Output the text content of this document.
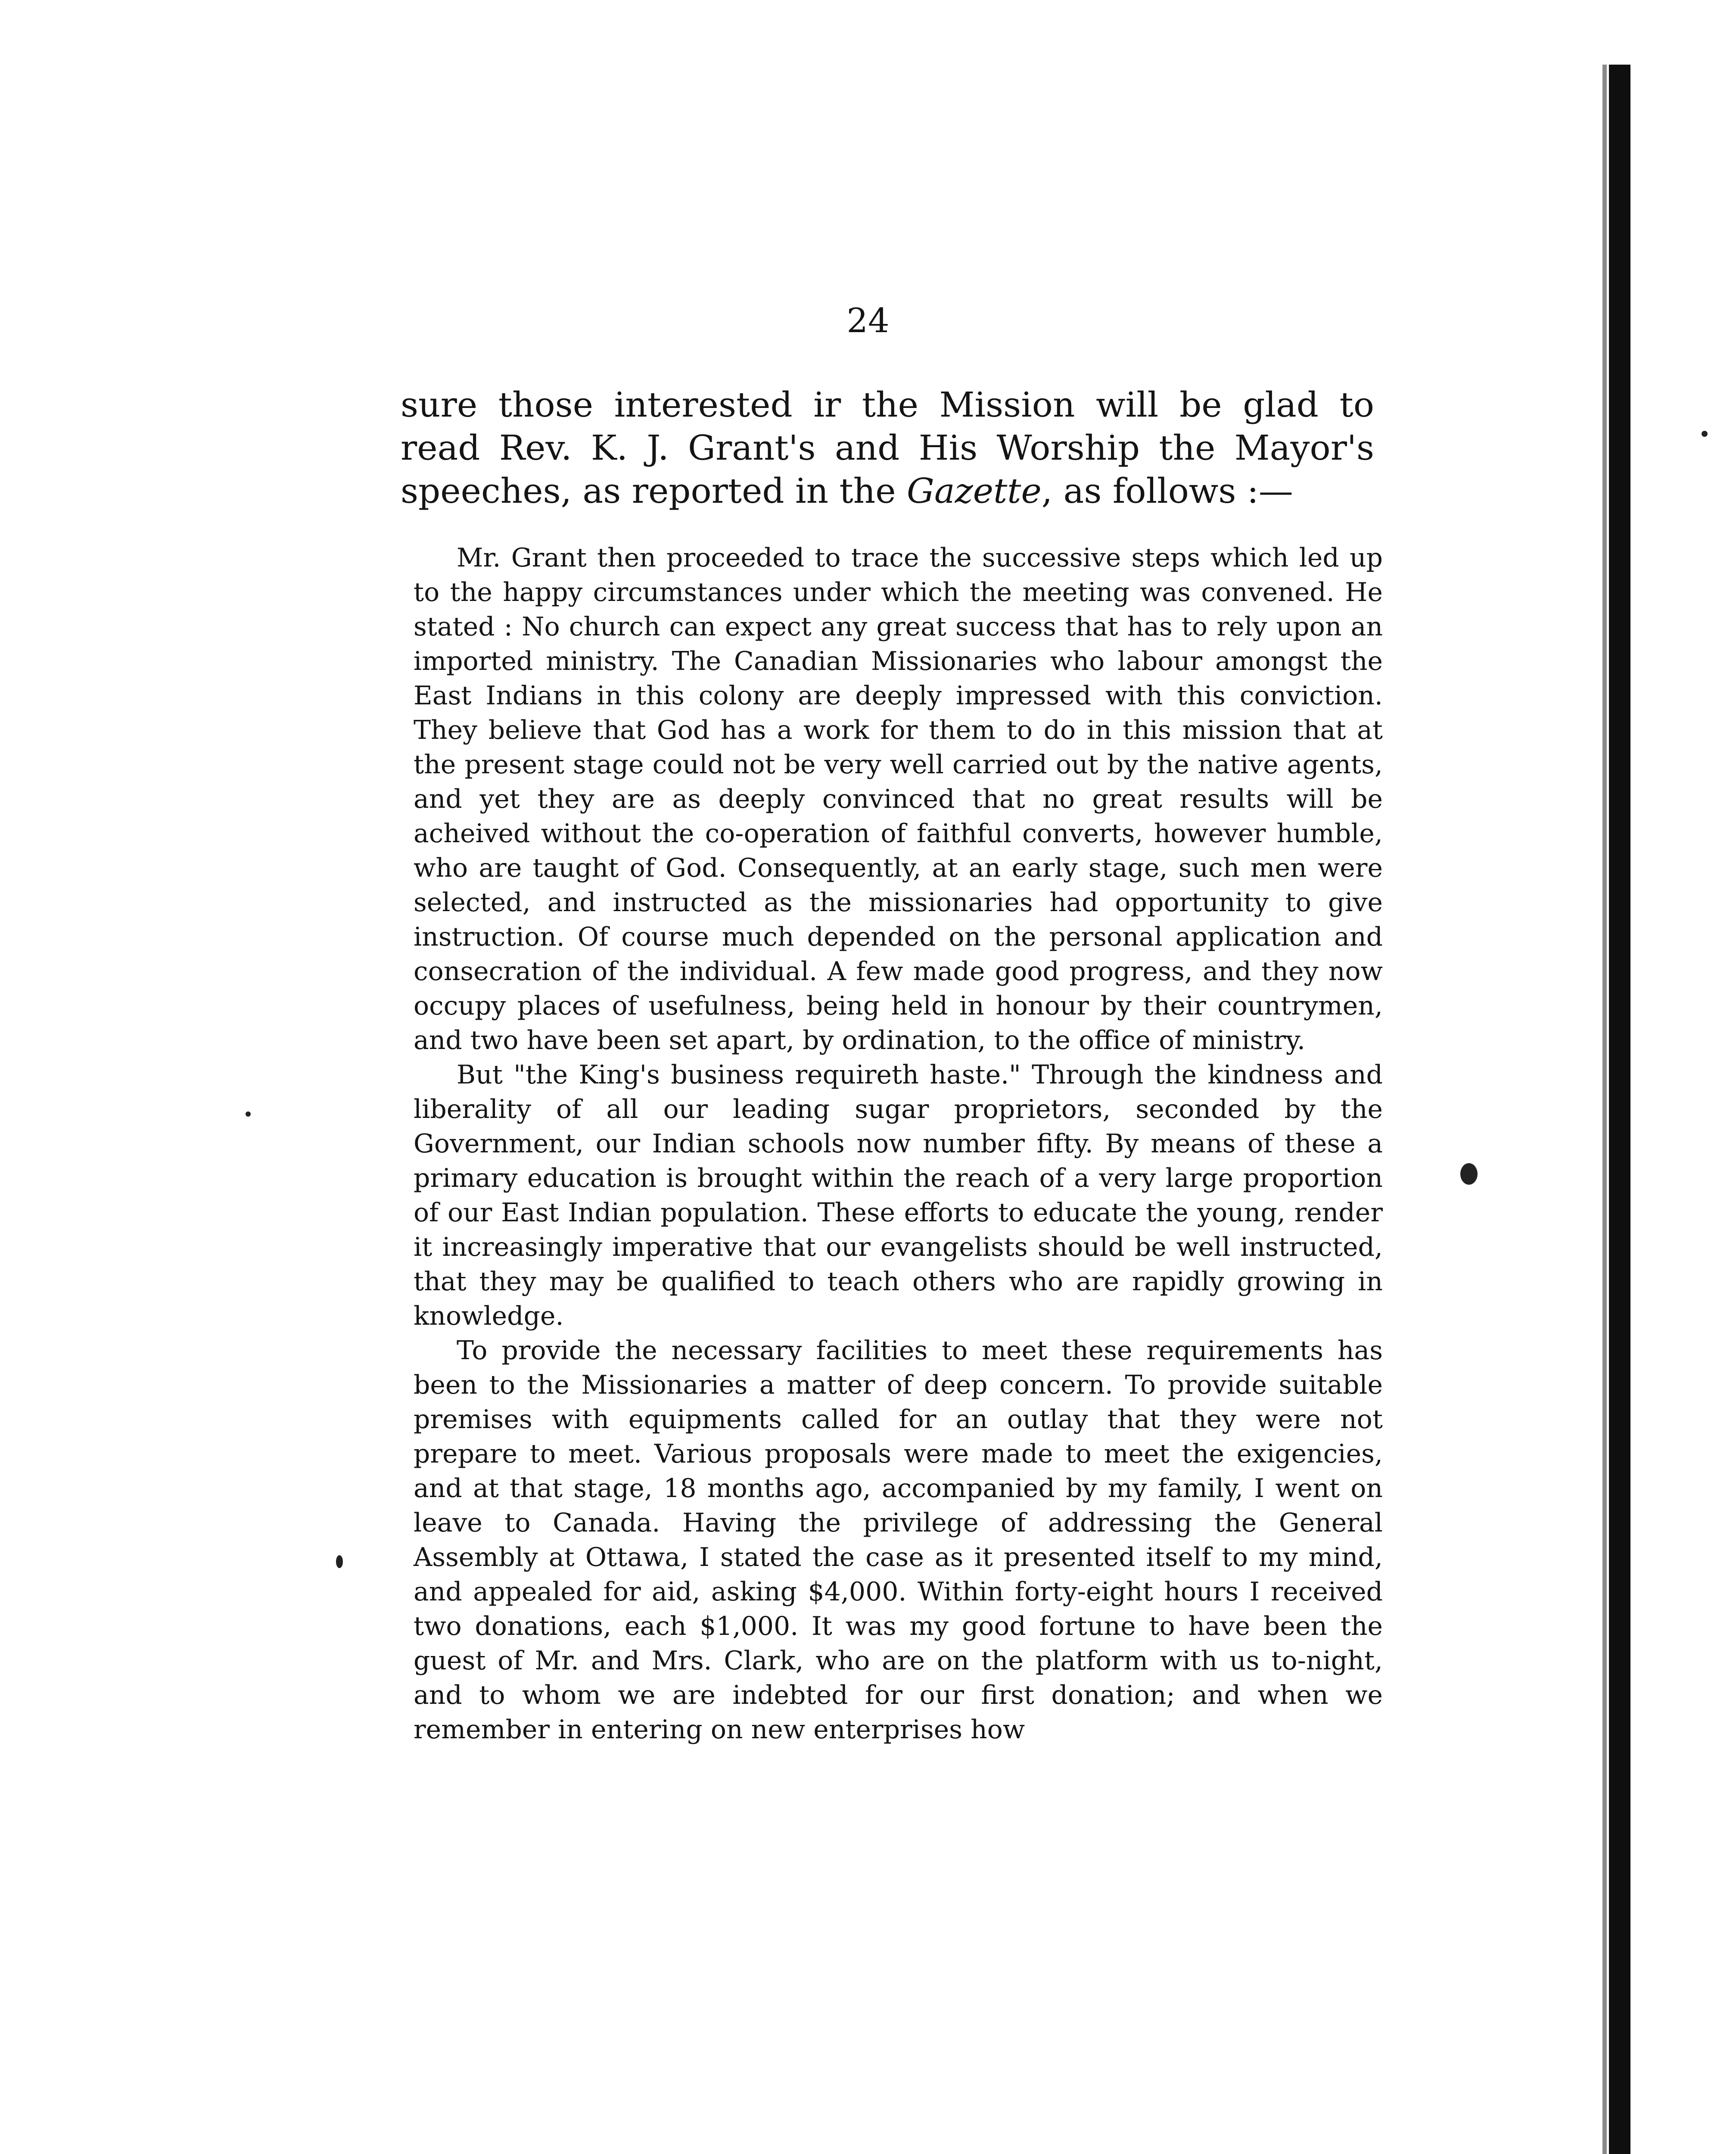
24

sure those interested ir the Mission will be glad to read Rev. K. J. Grant's and His Worship the Mayor's speeches, as reported in the Gazette, as follows :—

Mr. Grant then proceeded to trace the successive steps which led up to the happy circumstances under which the meeting was convened. He stated : No church can expect any great success that has to rely upon an imported ministry. The Canadian Missionaries who labour amongst the East Indians in this colony are deeply impressed with this conviction. They believe that God has a work for them to do in this mission that at the present stage could not be very well carried out by the native agents, and yet they are as deeply convinced that no great results will be acheived without the co-operation of faithful converts, however humble, who are taught of God. Consequently, at an early stage, such men were selected, and instructed as the missionaries had opportunity to give instruction. Of course much depended on the personal application and consecration of the individual. A few made good progress, and they now occupy places of usefulness, being held in honour by their countrymen, and two have been set apart, by ordination, to the office of ministry.

But "the King's business requireth haste." Through the kindness and liberality of all our leading sugar proprietors, seconded by the Government, our Indian schools now number fifty. By means of these a primary education is brought within the reach of a very large proportion of our East Indian population. These efforts to educate the young, render it increasingly imperative that our evangelists should be well instructed, that they may be qualified to teach others who are rapidly growing in knowledge.

To provide the necessary facilities to meet these requirements has been to the Missionaries a matter of deep concern. To provide suitable premises with equipments called for an outlay that they were not prepare to meet. Various proposals were made to meet the exigencies, and at that stage, 18 months ago, accompanied by my family, I went on leave to Canada. Having the privilege of addressing the General Assembly at Ottawa, I stated the case as it presented itself to my mind, and appealed for aid, asking $4,000. Within forty-eight hours I received two donations, each $1,000. It was my good fortune to have been the guest of Mr. and Mrs. Clark, who are on the platform with us to-night, and to whom we are indebted for our first donation; and when we remember in entering on new enterprises how
